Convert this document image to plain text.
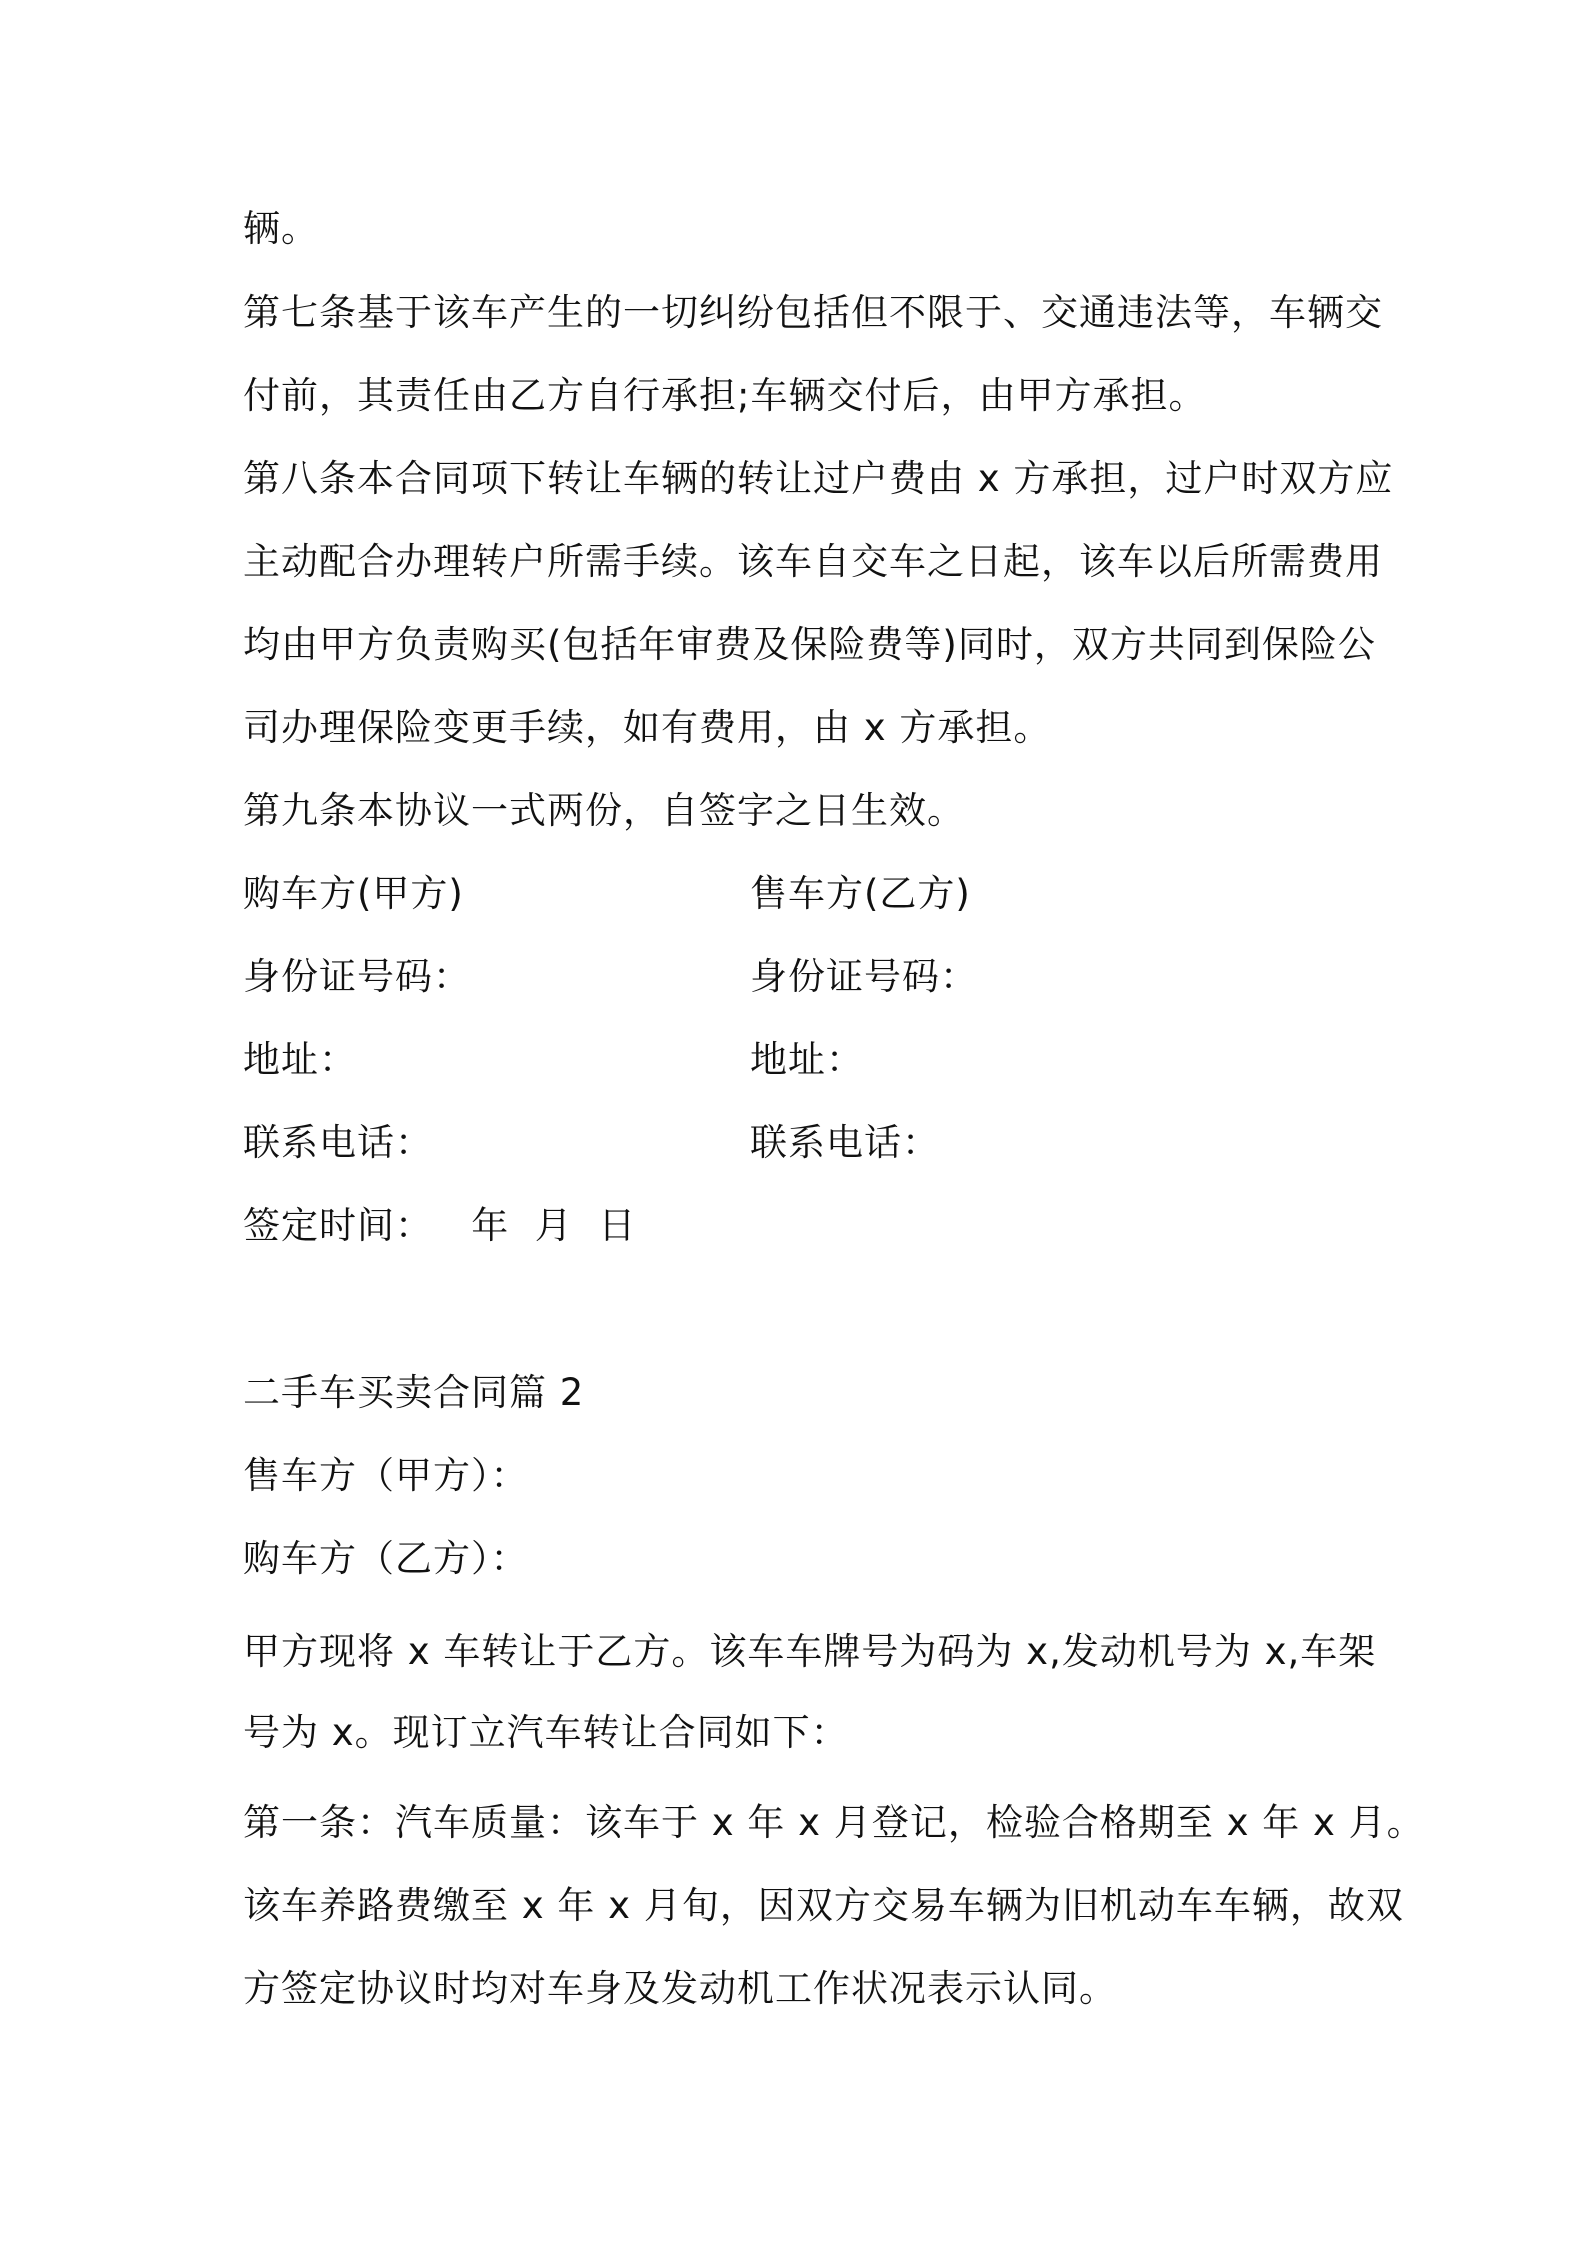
辆。
第七条基于该车产生的一切纠纷包括但不限于、交通违法等，车辆交
付前，其责任由乙方自行承担;车辆交付后，由甲方承担。
第八条本合同项下转让车辆的转让过户费由 x 方承担，过户时双方应
主动配合办理转户所需手续。该车自交车之日起，该车以后所需费用
均由甲方负责购买(包括年审费及保险费等)同时，双方共同到保险公
司办理保险变更手续，如有费用，由 x 方承担。
第九条本协议一式两份，自签字之日生效。
购车方(甲方)	售车方(乙方)
身份证号码：	身份证号码：
地址：	地址：
联系电话：	联系电话：
签定时间：   年  月  日
二手车买卖合同篇 2
售车方（甲方）：
购车方（乙方）：
甲方现将 x 车转让于乙方。该车车牌号为码为 x,发动机号为 x,车架
号为 x。现订立汽车转让合同如下：
第一条：汽车质量：该车于 x 年 x 月登记，检验合格期至 x 年 x 月。
该车养路费缴至 x 年 x 月旬，因双方交易车辆为旧机动车车辆，故双
方签定协议时均对车身及发动机工作状况表示认同。
